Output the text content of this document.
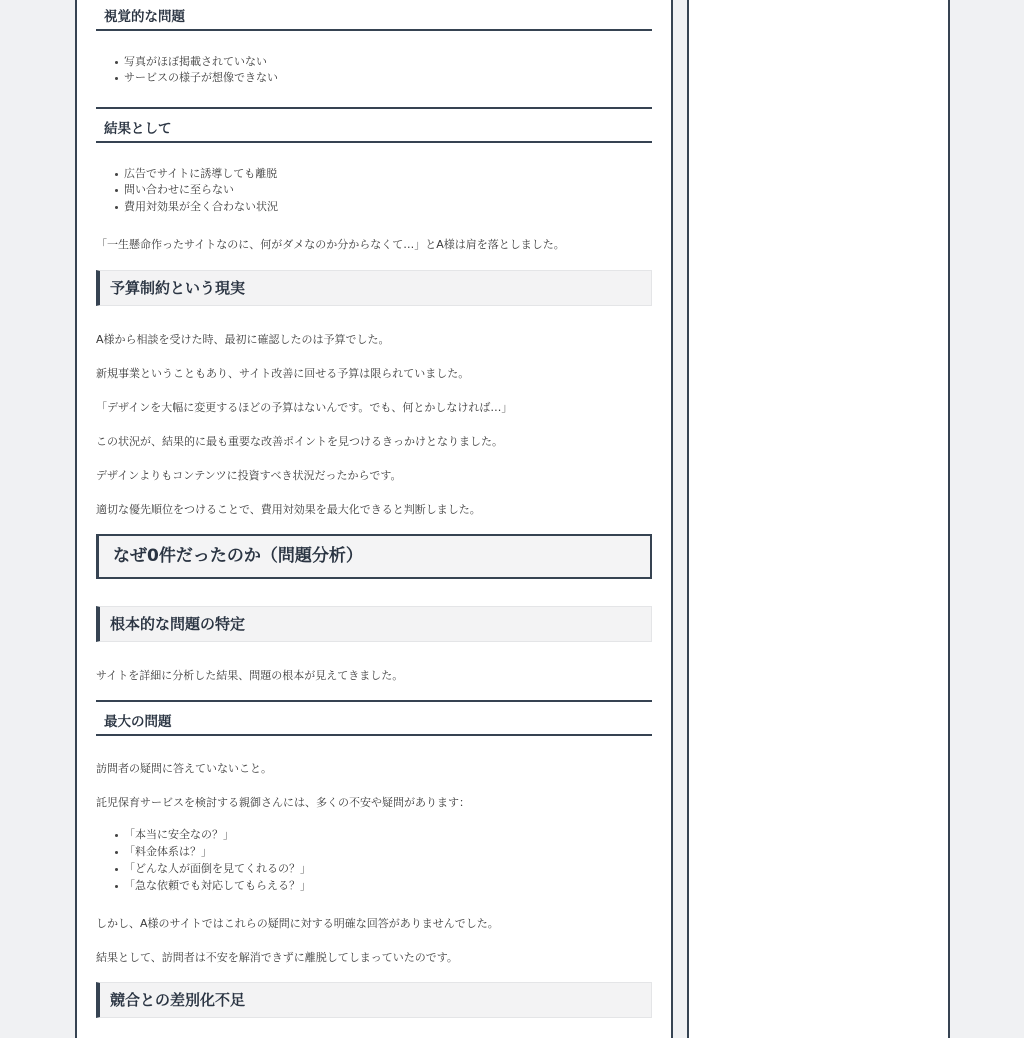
視覚的な問題
写真がほぼ掲載されていない
サービスの様子が想像できない
結果として
広告でサイトに誘導しても離脱
問い合わせに至らない
費用対効果が全く合わない状況
「一生懸命作ったサイトなのに、何がダメなのか分からなくて…」とA様は肩を落としました。
予算制約という現実
A様から相談を受けた時、最初に確認したのは予算でした。
新規事業ということもあり、サイト改善に回せる予算は限られていました。
「デザインを大幅に変更するほどの予算はないんです。でも、何とかしなければ…」
この状況が、結果的に最も重要な改善ポイントを見つけるきっかけとなりました。
デザインよりもコンテンツに投資すべき状況だったからです。
適切な優先順位をつけることで、費用対効果を最大化できると判断しました。
なぜ0件だったのか（問題分析）
根本的な問題の特定
サイトを詳細に分析した結果、問題の根本が見えてきました。
最大の問題
訪問者の疑問に答えていないこと。
託児保育サービスを検討する親御さんには、多くの不安や疑問があります：
「本当に安全なの？」
「料金体系は？」
「どんな人が面倒を見てくれるの？」
「急な依頼でも対応してもらえる？」
しかし、A様のサイトではこれらの疑問に対する明確な回答がありませんでした。
結果として、訪問者は不安を解消できずに離脱してしまっていたのです。
競合との差別化不足
